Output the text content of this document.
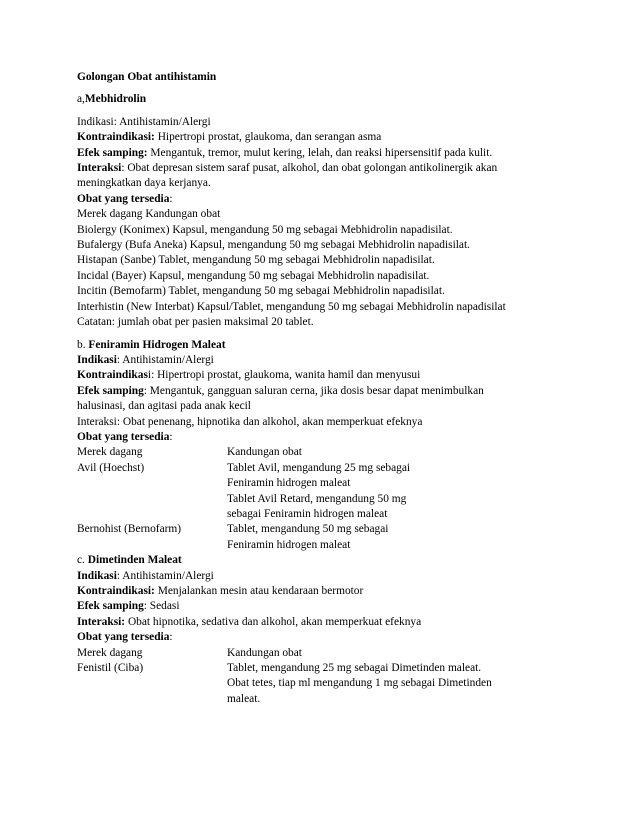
Golongan Obat antihistamin
a,Mebhidrolin
Indikasi: Antihistamin/Alergi
Kontraindikasi: Hipertropi prostat, glaukoma, dan serangan asma
Efek samping: Mengantuk, tremor, mulut kering, lelah, dan reaksi hipersensitif pada kulit.
Interaksi: Obat depresan sistem saraf pusat, alkohol, dan obat golongan antikolinergik akan
meningkatkan daya kerjanya.
Obat yang tersedia:
Merek dagang Kandungan obat
Biolergy (Konimex) Kapsul, mengandung 50 mg sebagai Mebhidrolin napadisilat.
Bufalergy (Bufa Aneka) Kapsul, mengandung 50 mg sebagai Mebhidrolin napadisilat.
Histapan (Sanbe) Tablet, mengandung 50 mg sebagai Mebhidrolin napadisilat.
Incidal (Bayer) Kapsul, mengandung 50 mg sebagai Mebhidrolin napadisilat.
Incitin (Bemofarm) Tablet, mengandung 50 mg sebagai Mebhidrolin napadisilat.
Interhistin (New Interbat) Kapsul/Tablet, mengandung 50 mg sebagai Mebhidrolin napadisilat
Catatan: jumlah obat per pasien maksimal 20 tablet.
b. Feniramin Hidrogen Maleat
Indikasi: Antihistamin/Alergi
Kontraindikasi: Hipertropi prostat, glaukoma, wanita hamil dan menyusui
Efek samping: Mengantuk, gangguan saluran cerna, jika dosis besar dapat menimbulkan
halusinasi, dan agitasi pada anak kecil
Interaksi: Obat penenang, hipnotika dan alkohol, akan memperkuat efeknya
Obat yang tersedia:
Merek dagang	Kandungan obat
Avil (Hoechst)	Tablet Avil, mengandung 25 mg sebagai
Feniramin hidrogen maleat
Tablet Avil Retard, mengandung 50 mg
sebagai Feniramin hidrogen maleat
Bernohist (Bernofarm)	Tablet, mengandung 50 mg sebagai
Feniramin hidrogen maleat
c. Dimetinden Maleat
Indikasi: Antihistamin/Alergi
Kontraindikasi: Menjalankan mesin atau kendaraan bermotor
Efek samping: Sedasi
Interaksi: Obat hipnotika, sedativa dan alkohol, akan memperkuat efeknya
Obat yang tersedia:
Merek dagang	Kandungan obat
Fenistil (Ciba)	Tablet, mengandung 25 mg sebagai Dimetinden maleat.
Obat tetes, tiap ml mengandung 1 mg sebagai Dimetinden
maleat.
